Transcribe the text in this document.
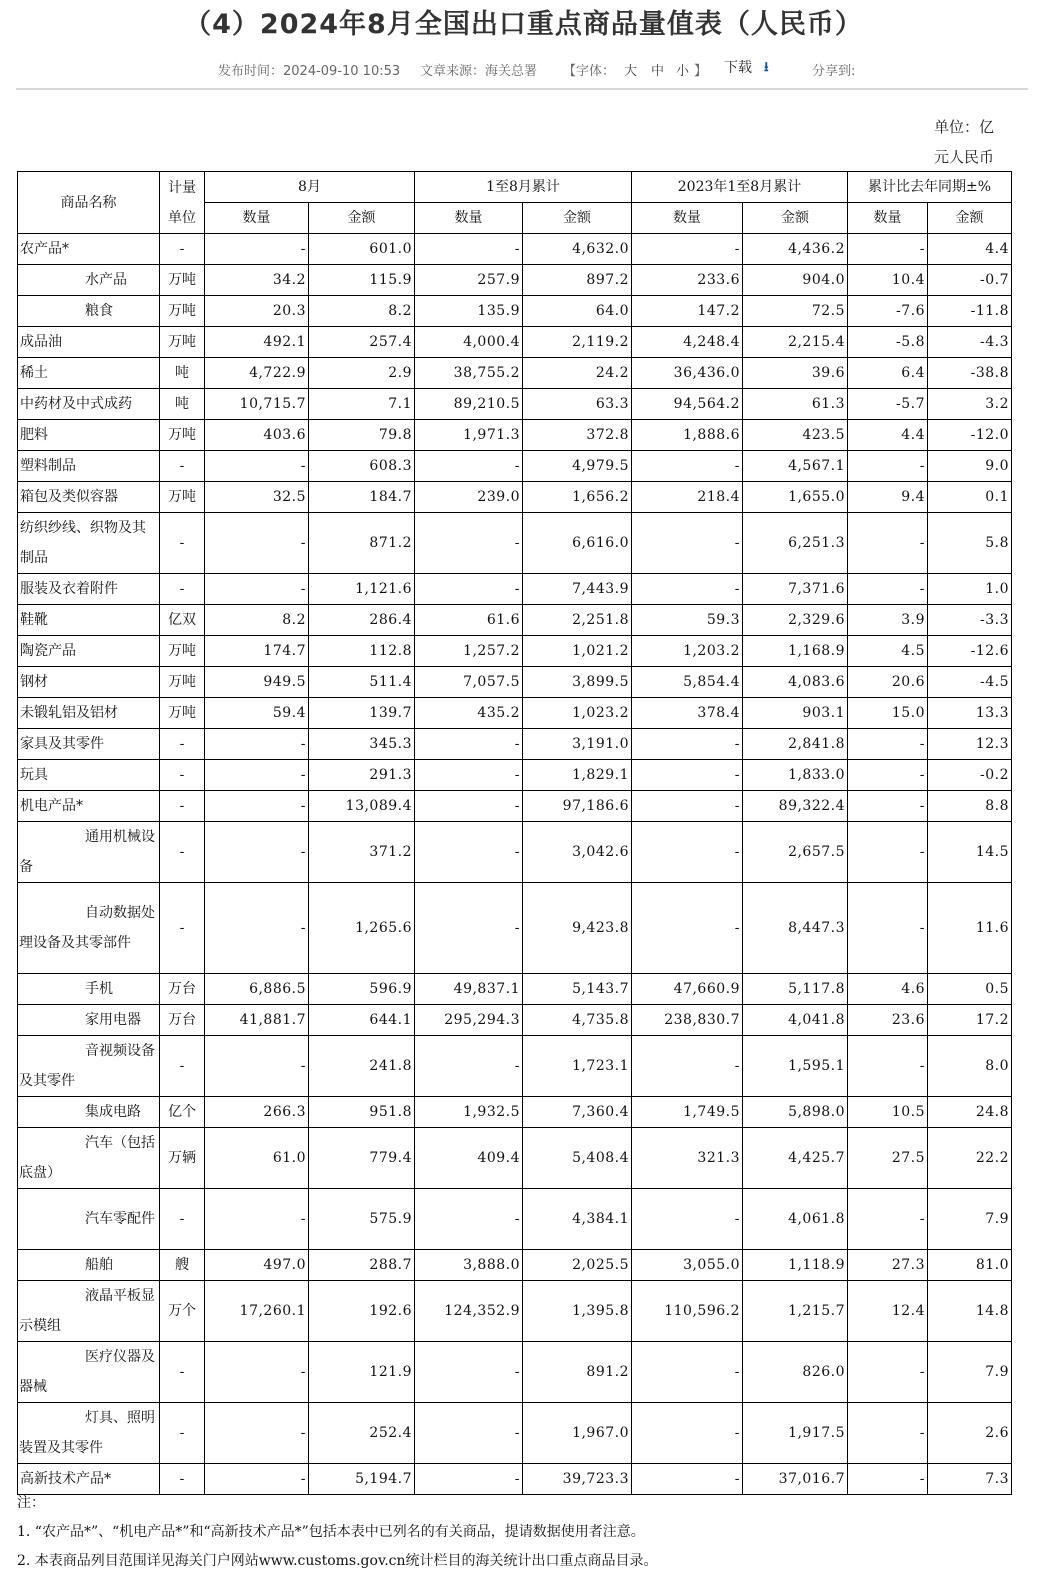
（4）2024年8月全国出口重点商品量值表（人民币）
发布时间：2024-09-10 10:53 文章来源：海关总署 【字体： 大 中 小 】 下载 ⭳	分享到:
单位：亿
元人民币
商品名称	计量单位	8月		1至8月累计		2023年1至8月累计		累计比去年同期±%	
		数量	金额	数量	金额	数量	金额	数量	金额
农产品*	-	-	601.0	-	4,632.0	-	4,436.2	-	4.4
水产品	万吨	34.2	115.9	257.9	897.2	233.6	904.0	10.4	-0.7
粮食	万吨	20.3	8.2	135.9	64.0	147.2	72.5	-7.6	-11.8
成品油	万吨	492.1	257.4	4,000.4	2,119.2	4,248.4	2,215.4	-5.8	-4.3
稀土	吨	4,722.9	2.9	38,755.2	24.2	36,436.0	39.6	6.4	-38.8
中药材及中式成药	吨	10,715.7	7.1	89,210.5	63.3	94,564.2	61.3	-5.7	3.2
肥料	万吨	403.6	79.8	1,971.3	372.8	1,888.6	423.5	4.4	-12.0
塑料制品	-	-	608.3	-	4,979.5	-	4,567.1	-	9.0
箱包及类似容器	万吨	32.5	184.7	239.0	1,656.2	218.4	1,655.0	9.4	0.1
纺织纱线、织物及其制品	-	-	871.2	-	6,616.0	-	6,251.3	-	5.8
服装及衣着附件	-	-	1,121.6	-	7,443.9	-	7,371.6	-	1.0
鞋靴	亿双	8.2	286.4	61.6	2,251.8	59.3	2,329.6	3.9	-3.3
陶瓷产品	万吨	174.7	112.8	1,257.2	1,021.2	1,203.2	1,168.9	4.5	-12.6
钢材	万吨	949.5	511.4	7,057.5	3,899.5	5,854.4	4,083.6	20.6	-4.5
未锻轧铝及铝材	万吨	59.4	139.7	435.2	1,023.2	378.4	903.1	15.0	13.3
家具及其零件	-	-	345.3	-	3,191.0	-	2,841.8	-	12.3
玩具	-	-	291.3	-	1,829.1	-	1,833.0	-	-0.2
机电产品*	-	-	13,089.4	-	97,186.6	-	89,322.4	-	8.8
通用机械设备	-	-	371.2	-	3,042.6	-	2,657.5	-	14.5
自动数据处理设备及其零部件	-	-	1,265.6	-	9,423.8	-	8,447.3	-	11.6
手机	万台	6,886.5	596.9	49,837.1	5,143.7	47,660.9	5,117.8	4.6	0.5
家用电器	万台	41,881.7	644.1	295,294.3	4,735.8	238,830.7	4,041.8	23.6	17.2
音视频设备及其零件	-	-	241.8	-	1,723.1	-	1,595.1	-	8.0
集成电路	亿个	266.3	951.8	1,932.5	7,360.4	1,749.5	5,898.0	10.5	24.8
汽车（包括底盘）	万辆	61.0	779.4	409.4	5,408.4	321.3	4,425.7	27.5	22.2
汽车零配件	-	-	575.9	-	4,384.1	-	4,061.8	-	7.9
船舶	艘	497.0	288.7	3,888.0	2,025.5	3,055.0	1,118.9	27.3	81.0
液晶平板显示模组	万个	17,260.1	192.6	124,352.9	1,395.8	110,596.2	1,215.7	12.4	14.8
医疗仪器及器械	-	-	121.9	-	891.2	-	826.0	-	7.9
灯具、照明装置及其零件	-	-	252.4	-	1,967.0	-	1,917.5	-	2.6
高新技术产品*	-	-	5,194.7	-	39,723.3	-	37,016.7	-	7.3
注：
1. “农产品*”、“机电产品*”和“高新技术产品*”包括本表中已列名的有关商品，提请数据使用者注意。
2. 本表商品列目范围详见海关门户网站www.customs.gov.cn统计栏目的海关统计出口重点商品目录。
